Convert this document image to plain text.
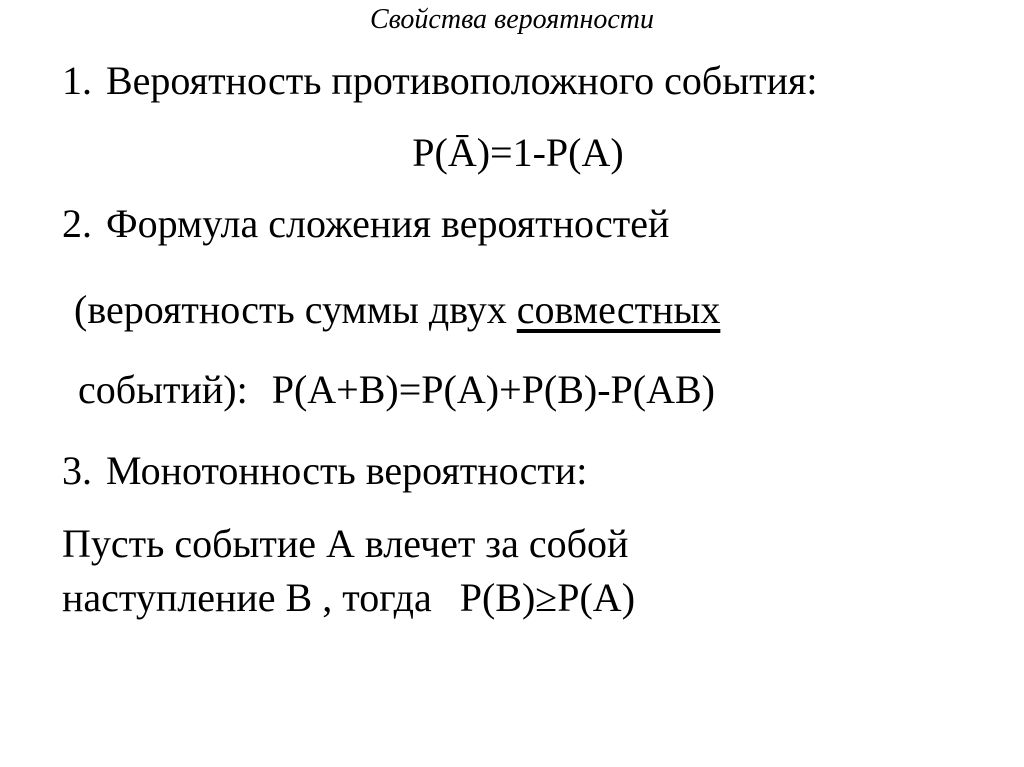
Свойства вероятности
1. Вероятность противоположного события:
P(Ā)=1-P(A)
2. Формула сложения вероятностей
(вероятность суммы двух совместных
событий): P(A+B)=P(A)+P(B)-P(AB)
3. Монотонность вероятности:
Пусть событие А влечет за собой
наступление В , тогда P(B)≥P(A)
